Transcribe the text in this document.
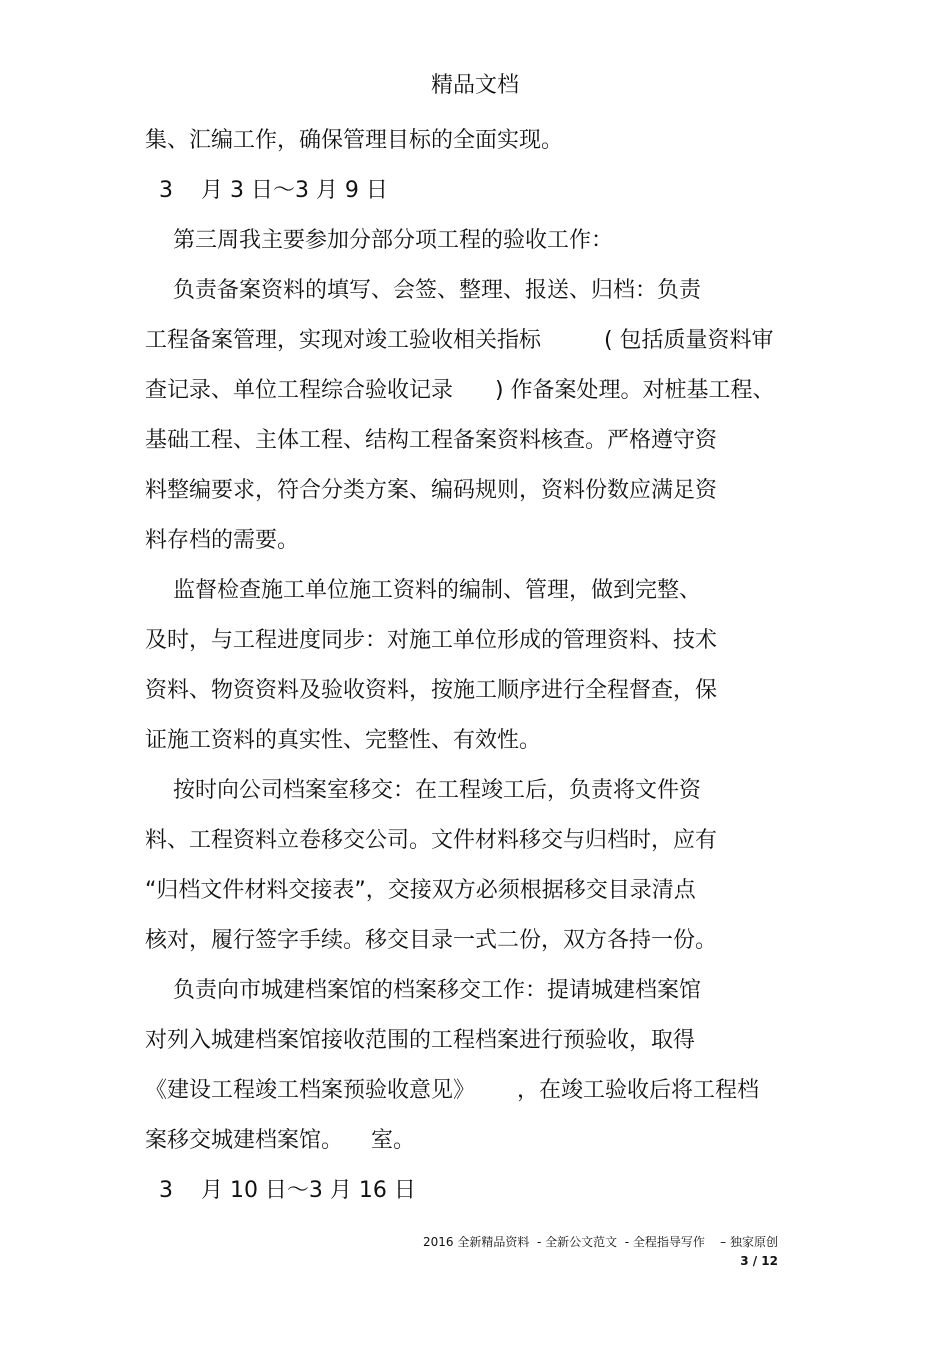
精品文档
集、汇编工作，确保管理目标的全面实现。
3    月 3 日～3 月 9 日
第三周我主要参加分部分项工程的验收工作：
负责备案资料的填写、会签、整理、报送、归档：负责
工程备案管理，实现对竣工验收相关指标         ( 包括质量资料审
查记录、单位工程综合验收记录      ) 作备案处理。对桩基工程、
基础工程、主体工程、结构工程备案资料核查。严格遵守资
料整编要求，符合分类方案、编码规则，资料份数应满足资
料存档的需要。
监督检查施工单位施工资料的编制、管理，做到完整、
及时，与工程进度同步：对施工单位形成的管理资料、技术
资料、物资资料及验收资料，按施工顺序进行全程督查，保
证施工资料的真实性、完整性、有效性。
按时向公司档案室移交：在工程竣工后，负责将文件资
料、工程资料立卷移交公司。文件材料移交与归档时，应有
“归档文件材料交接表”，交接双方必须根据移交目录清点
核对，履行签字手续。移交目录一式二份，双方各持一份。
负责向市城建档案馆的档案移交工作：提请城建档案馆
对列入城建档案馆接收范围的工程档案进行预验收，取得
《建设工程竣工档案预验收意见》      ，在竣工验收后将工程档
案移交城建档案馆。    室。
3    月 10 日～3 月 16 日
2016 全新精品资料  - 全新公文范文  - 全程指导写作    – 独家原创
3 / 12
